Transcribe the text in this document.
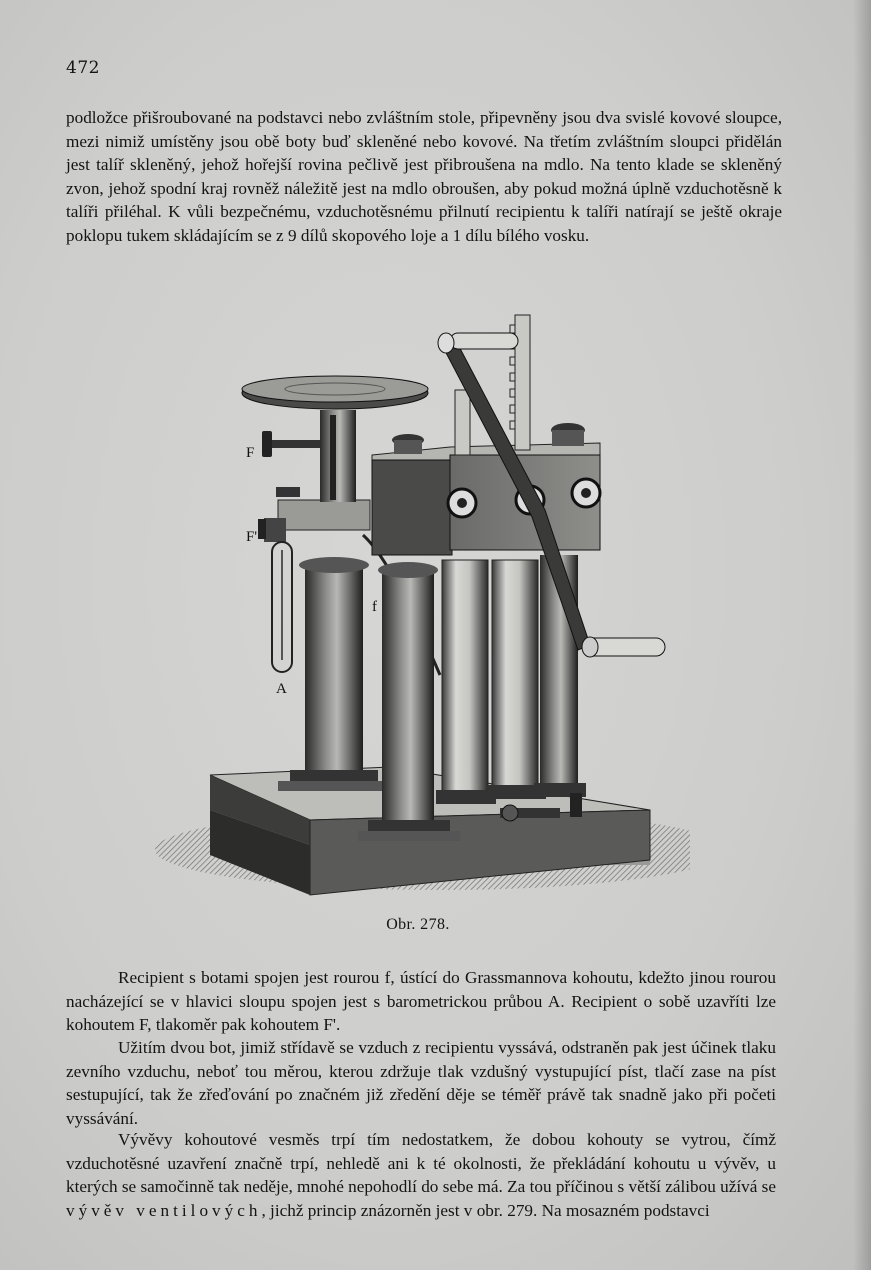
472

podložce přišroubované na podstavci nebo zvláštním stole, připevněny jsou dva svislé kovové sloupce, mezi nimiž umístěny jsou obě boty buď skleněné nebo kovové. Na třetím zvláštním sloupci přidělán jest talíř skleněný, jehož hořejší rovina pečlivě jest přibroušena na mdlo. Na tento klade se skleněný zvon, jehož spodní kraj rovněž náležitě jest na mdlo obroušen, aby pokud možná úplně vzduchotěsně k talíři přiléhal. K vůli bezpečnému, vzduchotěsnému přilnutí recipientu k talíři natírají se ještě okraje poklopu tukem skládajícím se z 9 dílů skopového loje a 1 dílu bílého vosku.

F
F'
A
f
Obr. 278.

Recipient s botami spojen jest rourou f, ústící do Grassmannova kohoutu, kdežto jinou rourou nacházející se v hlavici sloupu spojen jest s barometrickou průbou A. Recipient o sobě uzavříti lze kohoutem F, tlakoměr pak kohoutem F'.

Užitím dvou bot, jimiž střídavě se vzduch z recipientu vyssává, odstraněn pak jest účinek tlaku zevního vzduchu, neboť tou měrou, kterou zdržuje tlak vzdušný vystupující píst, tlačí zase na píst sestupující, tak že zřeďování po značném již zředění děje se téměř právě tak snadně jako při početi vyssávání.

Vývěvy kohoutové vesměs trpí tím nedostatkem, že dobou kohouty se vytrou, čímž vzduchotěsné uzavření značně trpí, nehledě ani k té okolnosti, že překládání kohoutu u vývěv, u kterých se samočinně tak neděje, mnohé nepohodlí do sebe má. Za tou příčinou s větší zálibou užívá se vývěv ventilových, jichž princip znázorněn jest v obr. 279. Na mosazném podstavci
